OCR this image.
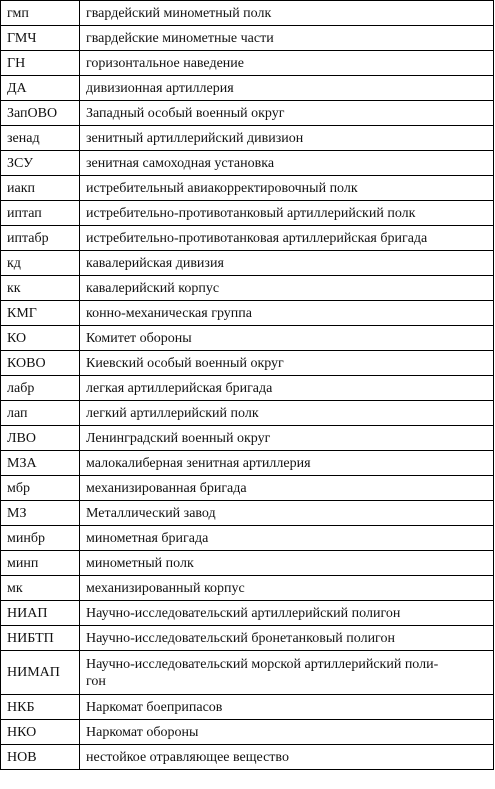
гмп	гвардейский минометный полк
ГМЧ	гвардейские минометные части
ГН	горизонтальное наведение
ДА	дивизионная артиллерия
ЗапОВО	Западный особый военный округ
зенад	зенитный артиллерийский дивизион
ЗСУ	зенитная самоходная установка
иакп	истребительный авиакорректировочный полк
иптап	истребительно-противотанковый артиллерийский полк
иптабр	истребительно-противотанковая артиллерийская бригада
кд	кавалерийская дивизия
кк	кавалерийский корпус
КМГ	конно-механическая группа
КО	Комитет обороны
КОВО	Киевский особый военный округ
лабр	легкая артиллерийская бригада
лап	легкий артиллерийский полк
ЛВО	Ленинградский военный округ
МЗА	малокалиберная зенитная артиллерия
мбр	механизированная бригада
МЗ	Металлический завод
минбр	минометная бригада
минп	минометный полк
мк	механизированный корпус
НИАП	Научно-исследовательский артиллерийский полигон
НИБТП	Научно-исследовательский бронетанковый полигон
НИМАП	Научно-исследовательский морской артиллерийский поли-
гон

НКБ	Наркомат боеприпасов
НКО	Наркомат обороны
НОВ	нестойкое отравляющее вещество
